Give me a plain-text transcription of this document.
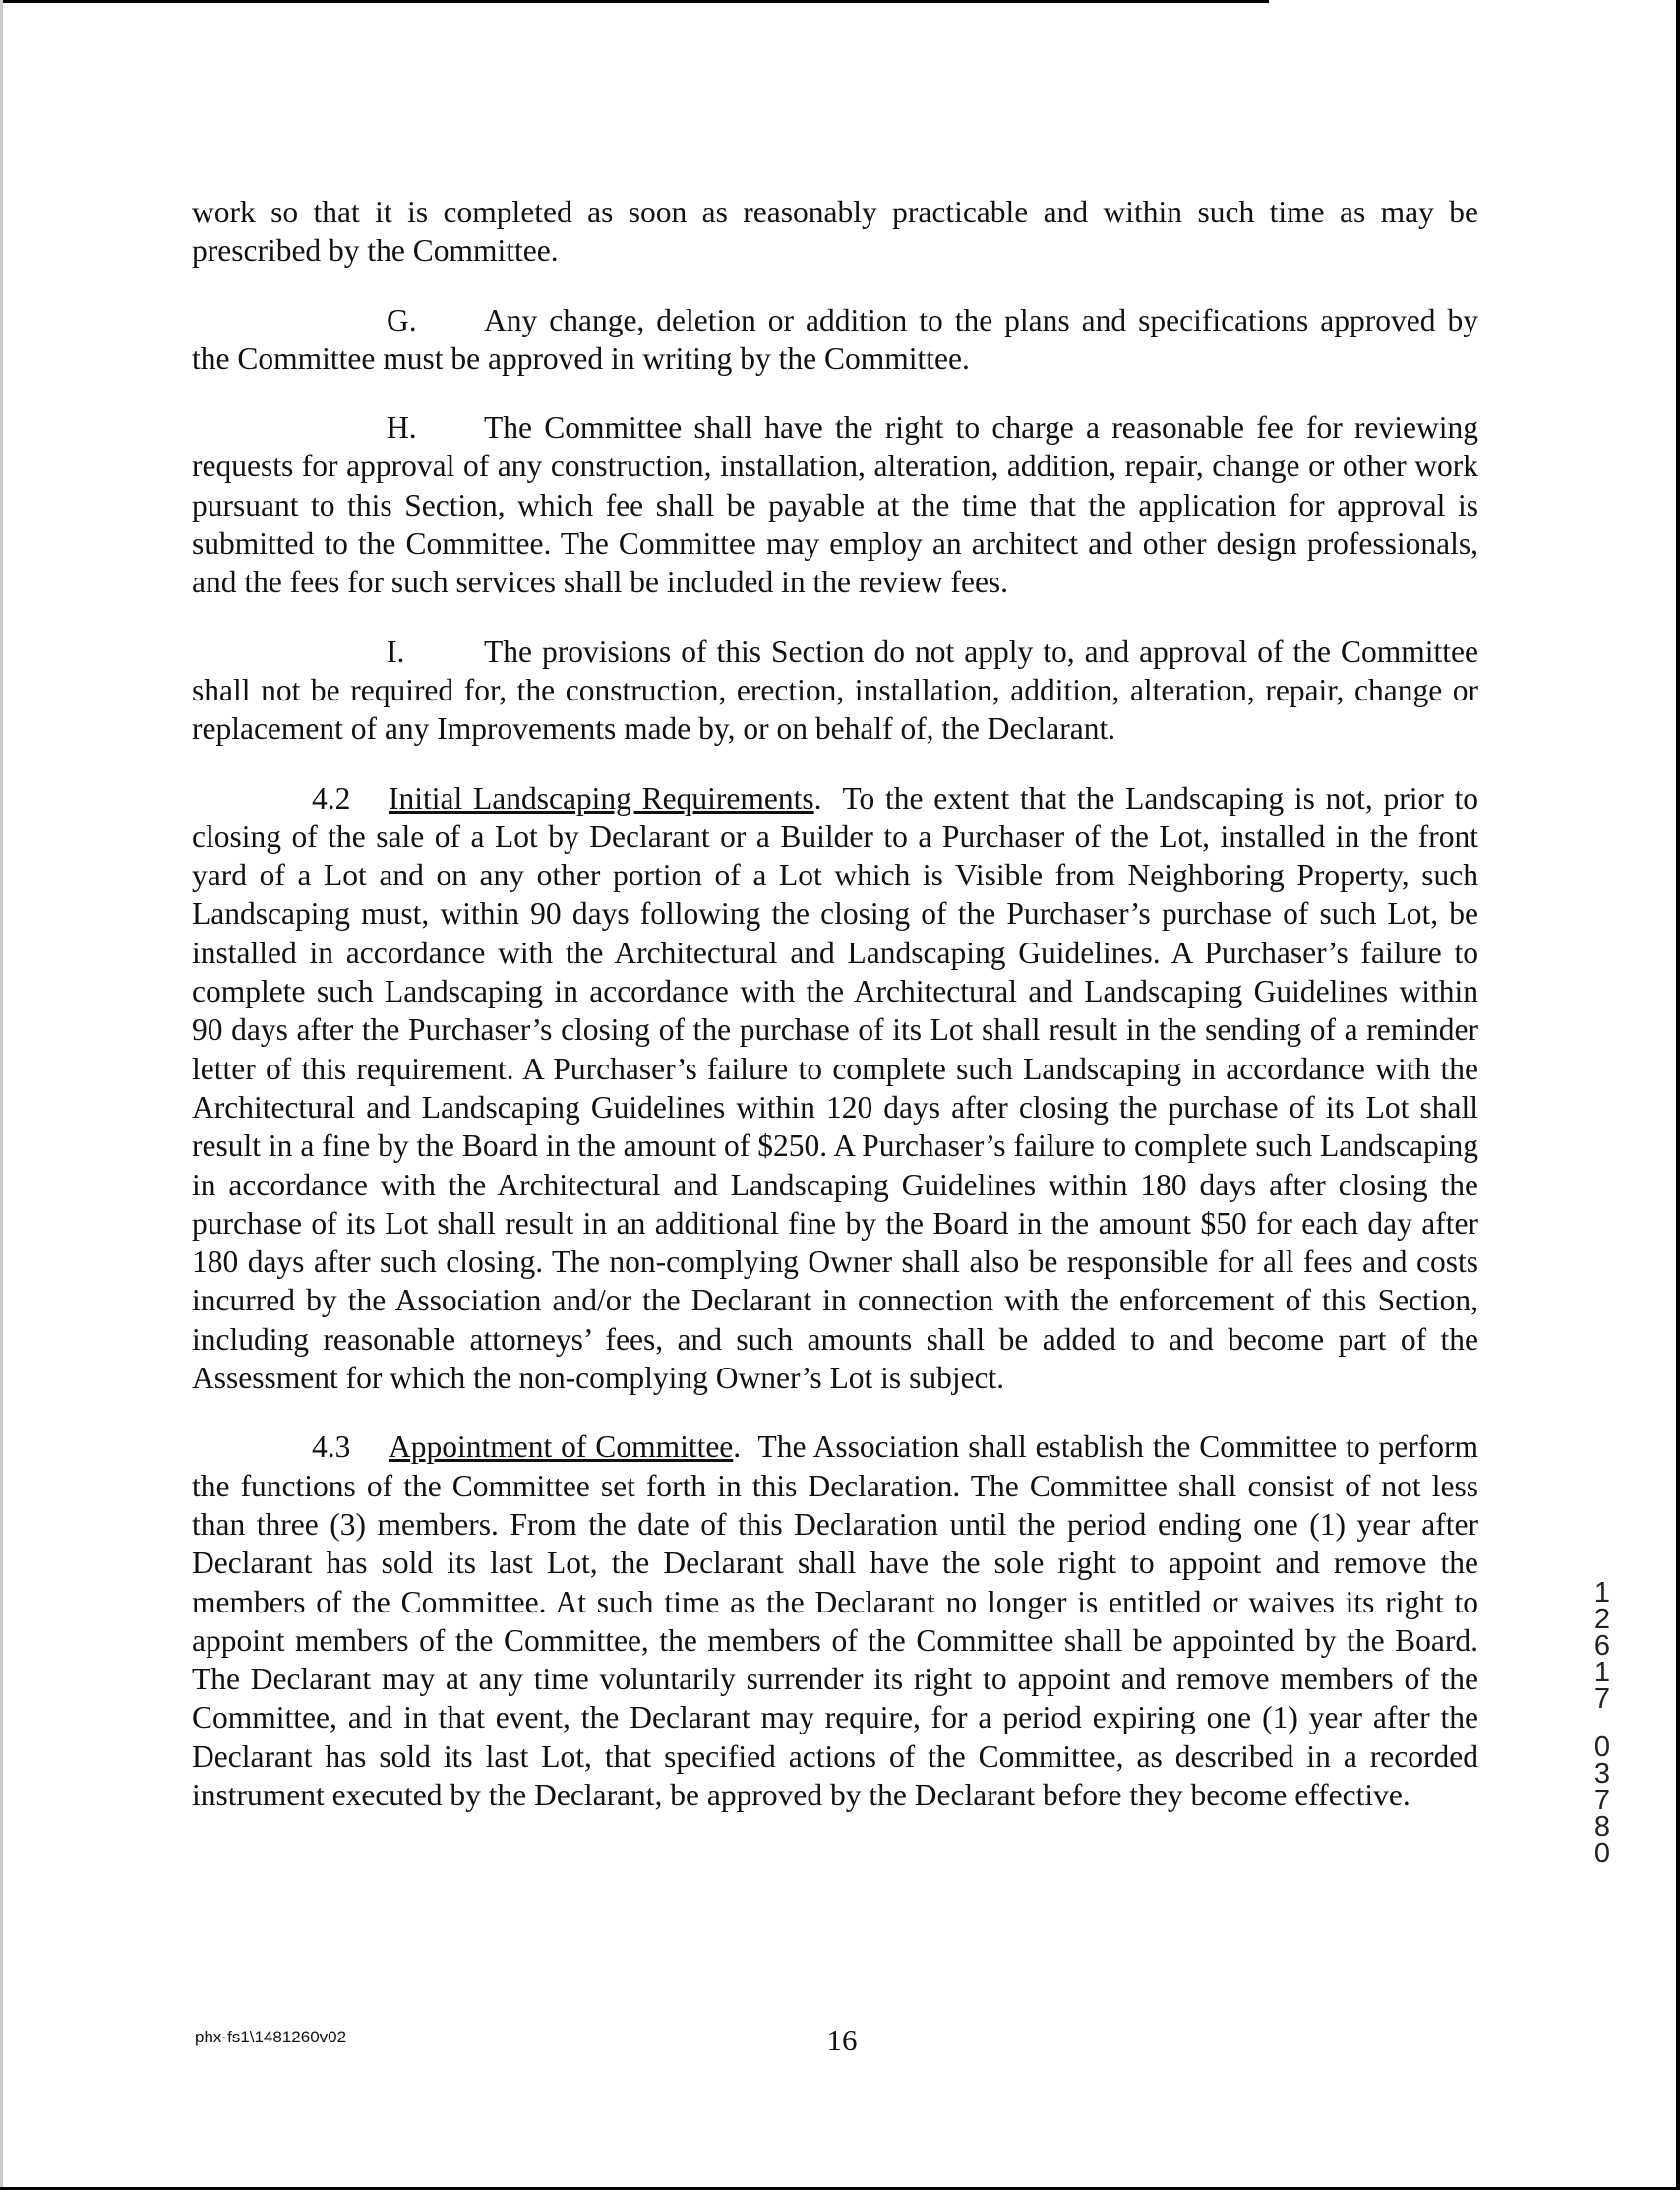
work so that it is completed as soon as reasonably practicable and within such time as may be prescribed by the Committee.

G. Any change, deletion or addition to the plans and specifications approved by the Committee must be approved in writing by the Committee.

H. The Committee shall have the right to charge a reasonable fee for reviewing requests for approval of any construction, installation, alteration, addition, repair, change or other work pursuant to this Section, which fee shall be payable at the time that the application for approval is submitted to the Committee. The Committee may employ an architect and other design professionals, and the fees for such services shall be included in the review fees.

I.	The provisions of this Section do not apply to, and approval of the Committee shall not be required for, the construction, erection, installation, addition, alteration, repair, change or replacement of any Improvements made by, or on behalf of, the Declarant.

4.2 Initial Landscaping Requirements.  To the extent that the Landscaping is not, prior to closing of the sale of a Lot by Declarant or a Builder to a Purchaser of the Lot, installed in the front yard of a Lot and on any other portion of a Lot which is Visible from Neighboring Property, such Landscaping must, within 90 days following the closing of the Purchaser’s purchase of such Lot, be installed in accordance with the Architectural and Landscaping Guidelines. A Purchaser’s failure to complete such Landscaping in accordance with the Architectural and Landscaping Guidelines within 90 days after the Purchaser’s closing of the purchase of its Lot shall result in the sending of a reminder letter of this requirement. A Purchaser’s failure to complete such Landscaping in accordance with the Architectural and Landscaping Guidelines within 120 days after closing the purchase of its Lot shall result in a fine by the Board in the amount of $250. A Purchaser’s failure to complete such Landscaping in accordance with the Architectural and Landscaping Guidelines within 180 days after closing the purchase of its Lot shall result in an additional fine by the Board in the amount $50 for each day after 180 days after such closing. The non-complying Owner shall also be responsible for all fees and costs incurred by the Association and/or the Declarant in connection with the enforcement of this Section, including reasonable attorneys’ fees, and such amounts shall be added to and become part of the Assessment for which the non-complying Owner’s Lot is subject.

4.3 Appointment of Committee.  The Association shall establish the Committee to perform the functions of the Committee set forth in this Declaration. The Committee shall consist of not less than three (3) members. From the date of this Declaration until the period ending one (1) year after Declarant has sold its last Lot, the Declarant shall have the sole right to appoint and remove the members of the Committee. At such time as the Declarant no longer is entitled or waives its right to appoint members of the Committee, the members of the Committee shall be appointed by the Board. The Declarant may at any time voluntarily surrender its right to appoint and remove members of the Committee, and in that event, the Declarant may require, for a period expiring one (1) year after the Declarant has sold its last Lot, that specified actions of the Committee, as described in a recorded instrument executed by the Declarant, be approved by the Declarant before they become effective.

1
2
6
1
7
0
3
7
8
0
phx-fs1\1481260v02	16
